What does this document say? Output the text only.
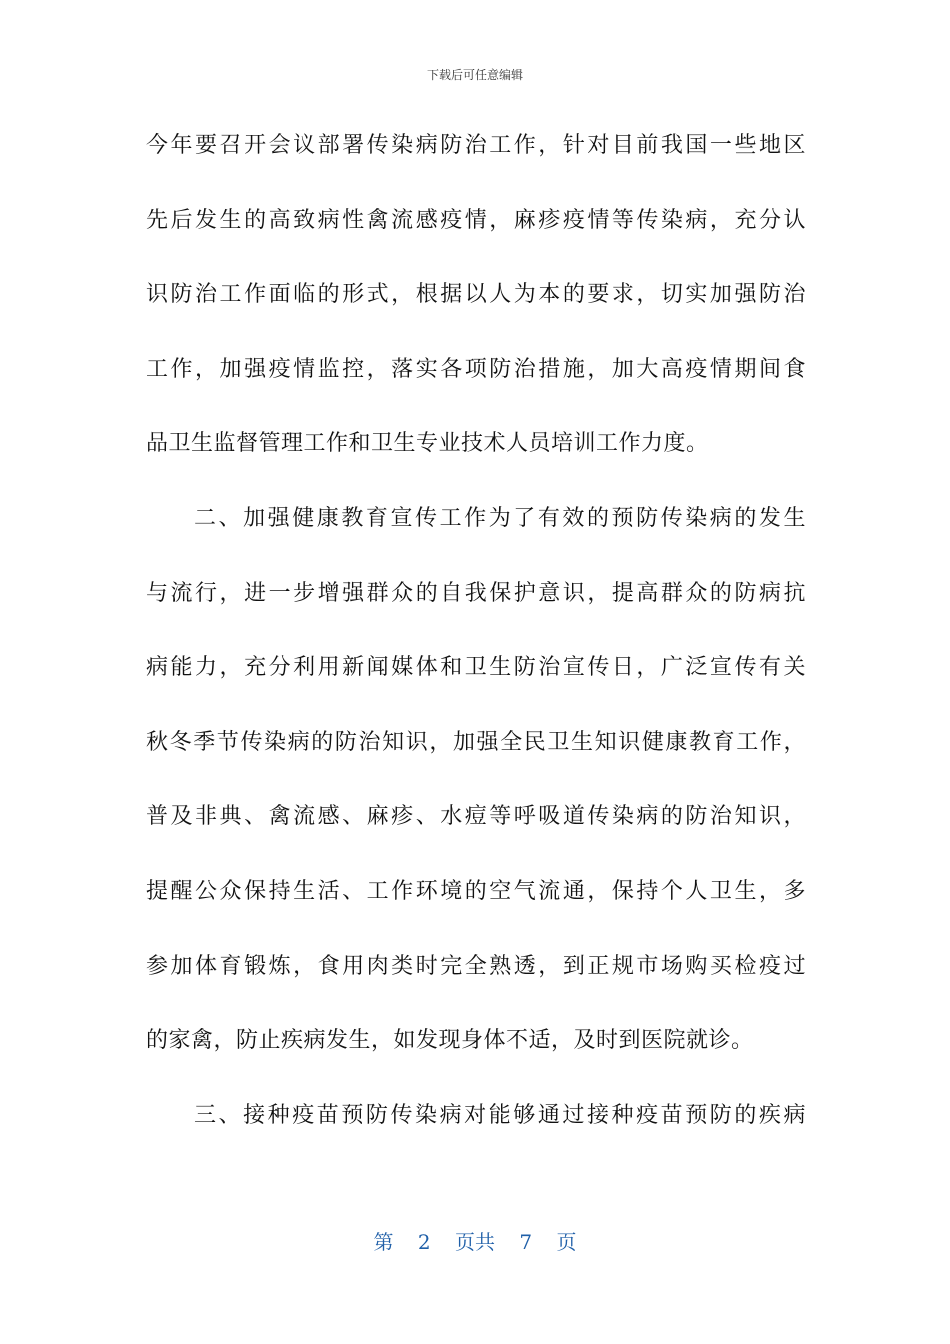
下载后可任意编辑
今年要召开会议部署传染病防治工作，针对目前我国一些地区
先后发生的高致病性禽流感疫情，麻疹疫情等传染病，充分认
识防治工作面临的形式，根据以人为本的要求，切实加强防治
工作，加强疫情监控，落实各项防治措施，加大高疫情期间食
品卫生监督管理工作和卫生专业技术人员培训工作力度。
二、加强健康教育宣传工作为了有效的预防传染病的发生
与流行，进一步增强群众的自我保护意识，提高群众的防病抗
病能力，充分利用新闻媒体和卫生防治宣传日，广泛宣传有关
秋冬季节传染病的防治知识，加强全民卫生知识健康教育工作，
普及非典、禽流感、麻疹、水痘等呼吸道传染病的防治知识，
提醒公众保持生活、工作环境的空气流通，保持个人卫生，多
参加体育锻炼，食用肉类时完全熟透，到正规市场购买检疫过
的家禽，防止疾病发生，如发现身体不适，及时到医院就诊。
三、接种疫苗预防传染病对能够通过接种疫苗预防的疾病
第 2 页共 7 页
